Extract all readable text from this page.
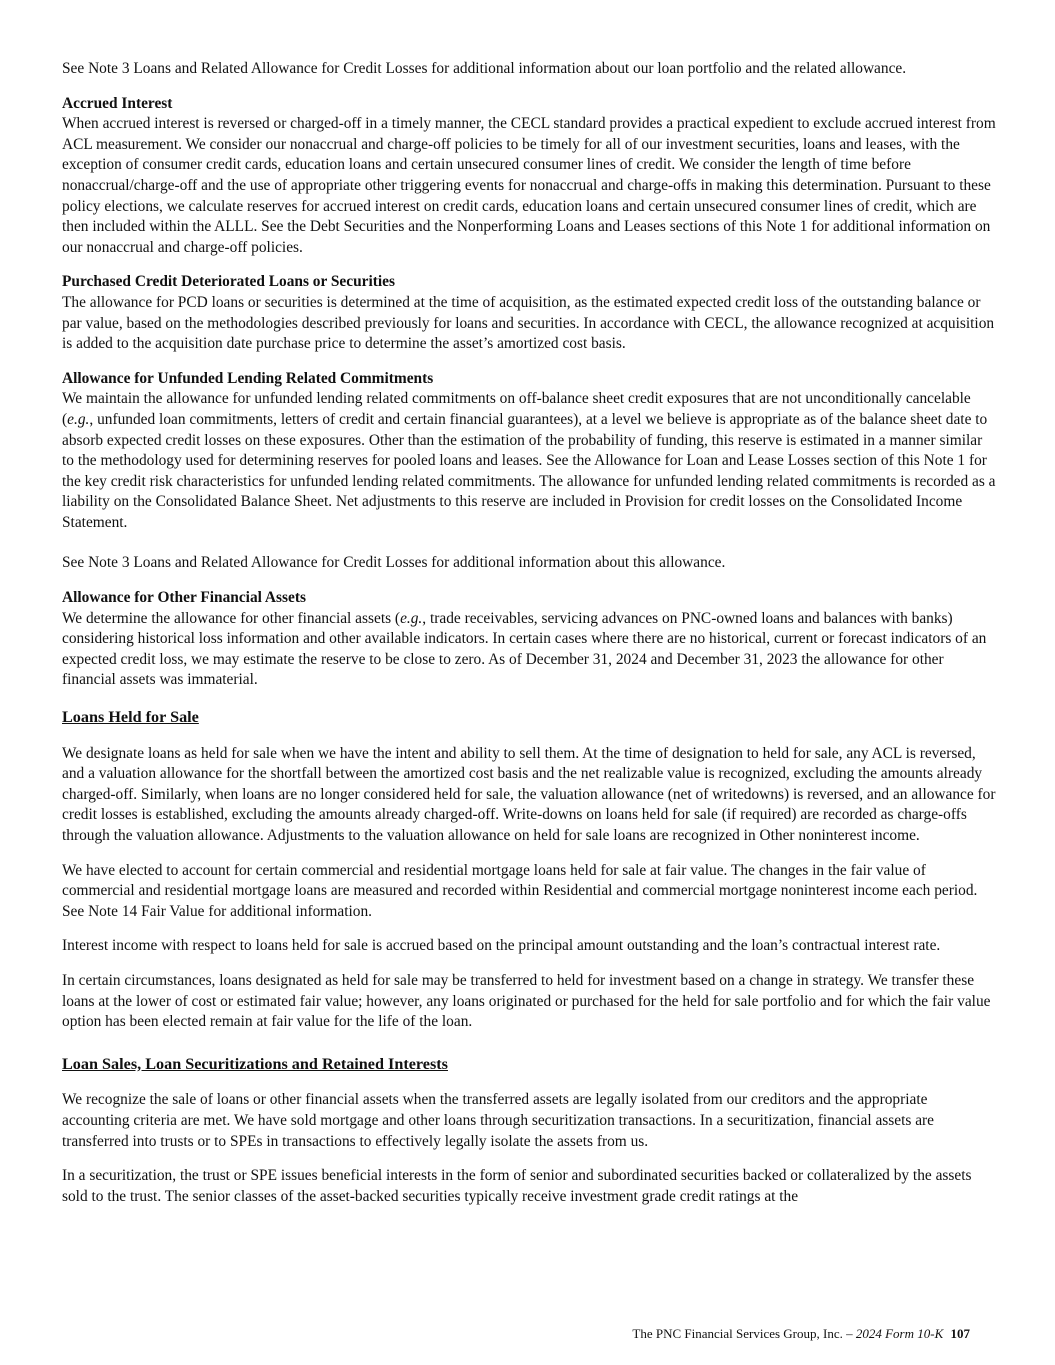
See Note 3 Loans and Related Allowance for Credit Losses for additional information about our loan portfolio and the related allowance.

Accrued Interest

When accrued interest is reversed or charged-off in a timely manner, the CECL standard provides a practical expedient to exclude accrued interest from ACL measurement. We consider our nonaccrual and charge-off policies to be timely for all of our investment securities, loans and leases, with the exception of consumer credit cards, education loans and certain unsecured consumer lines of credit. We consider the length of time before nonaccrual/charge-off and the use of appropriate other triggering events for nonaccrual and charge-offs in making this determination. Pursuant to these policy elections, we calculate reserves for accrued interest on credit cards, education loans and certain unsecured consumer lines of credit, which are then included within the ALLL. See the Debt Securities and the Nonperforming Loans and Leases sections of this Note 1 for additional information on our nonaccrual and charge-off policies.

Purchased Credit Deteriorated Loans or Securities

The allowance for PCD loans or securities is determined at the time of acquisition, as the estimated expected credit loss of the outstanding balance or par value, based on the methodologies described previously for loans and securities. In accordance with CECL, the allowance recognized at acquisition is added to the acquisition date purchase price to determine the asset’s amortized cost basis.

Allowance for Unfunded Lending Related Commitments

We maintain the allowance for unfunded lending related commitments on off-balance sheet credit exposures that are not unconditionally cancelable (e.g., unfunded loan commitments, letters of credit and certain financial guarantees), at a level we believe is appropriate as of the balance sheet date to absorb expected credit losses on these exposures. Other than the estimation of the probability of funding, this reserve is estimated in a manner similar to the methodology used for determining reserves for pooled loans and leases. See the Allowance for Loan and Lease Losses section of this Note 1 for the key credit risk characteristics for unfunded lending related commitments. The allowance for unfunded lending related commitments is recorded as a liability on the Consolidated Balance Sheet. Net adjustments to this reserve are included in Provision for credit losses on the Consolidated Income Statement.

See Note 3 Loans and Related Allowance for Credit Losses for additional information about this allowance.

Allowance for Other Financial Assets

We determine the allowance for other financial assets (e.g., trade receivables, servicing advances on PNC-owned loans and balances with banks) considering historical loss information and other available indicators. In certain cases where there are no historical, current or forecast indicators of an expected credit loss, we may estimate the reserve to be close to zero. As of December 31, 2024 and December 31, 2023 the allowance for other financial assets was immaterial.

Loans Held for Sale

We designate loans as held for sale when we have the intent and ability to sell them. At the time of designation to held for sale, any ACL is reversed, and a valuation allowance for the shortfall between the amortized cost basis and the net realizable value is recognized, excluding the amounts already charged-off. Similarly, when loans are no longer considered held for sale, the valuation allowance (net of writedowns) is reversed, and an allowance for credit losses is established, excluding the amounts already charged-off. Write-downs on loans held for sale (if required) are recorded as charge-offs through the valuation allowance. Adjustments to the valuation allowance on held for sale loans are recognized in Other noninterest income.

We have elected to account for certain commercial and residential mortgage loans held for sale at fair value. The changes in the fair value of commercial and residential mortgage loans are measured and recorded within Residential and commercial mortgage noninterest income each period. See Note 14 Fair Value for additional information.

Interest income with respect to loans held for sale is accrued based on the principal amount outstanding and the loan’s contractual interest rate.

In certain circumstances, loans designated as held for sale may be transferred to held for investment based on a change in strategy. We transfer these loans at the lower of cost or estimated fair value; however, any loans originated or purchased for the held for sale portfolio and for which the fair value option has been elected remain at fair value for the life of the loan.

Loan Sales, Loan Securitizations and Retained Interests

We recognize the sale of loans or other financial assets when the transferred assets are legally isolated from our creditors and the appropriate accounting criteria are met. We have sold mortgage and other loans through securitization transactions. In a securitization, financial assets are transferred into trusts or to SPEs in transactions to effectively legally isolate the assets from us.

In a securitization, the trust or SPE issues beneficial interests in the form of senior and subordinated securities backed or collateralized by the assets sold to the trust. The senior classes of the asset-backed securities typically receive investment grade credit ratings at the

The PNC Financial Services Group, Inc. – 2024 Form 10-K 107
